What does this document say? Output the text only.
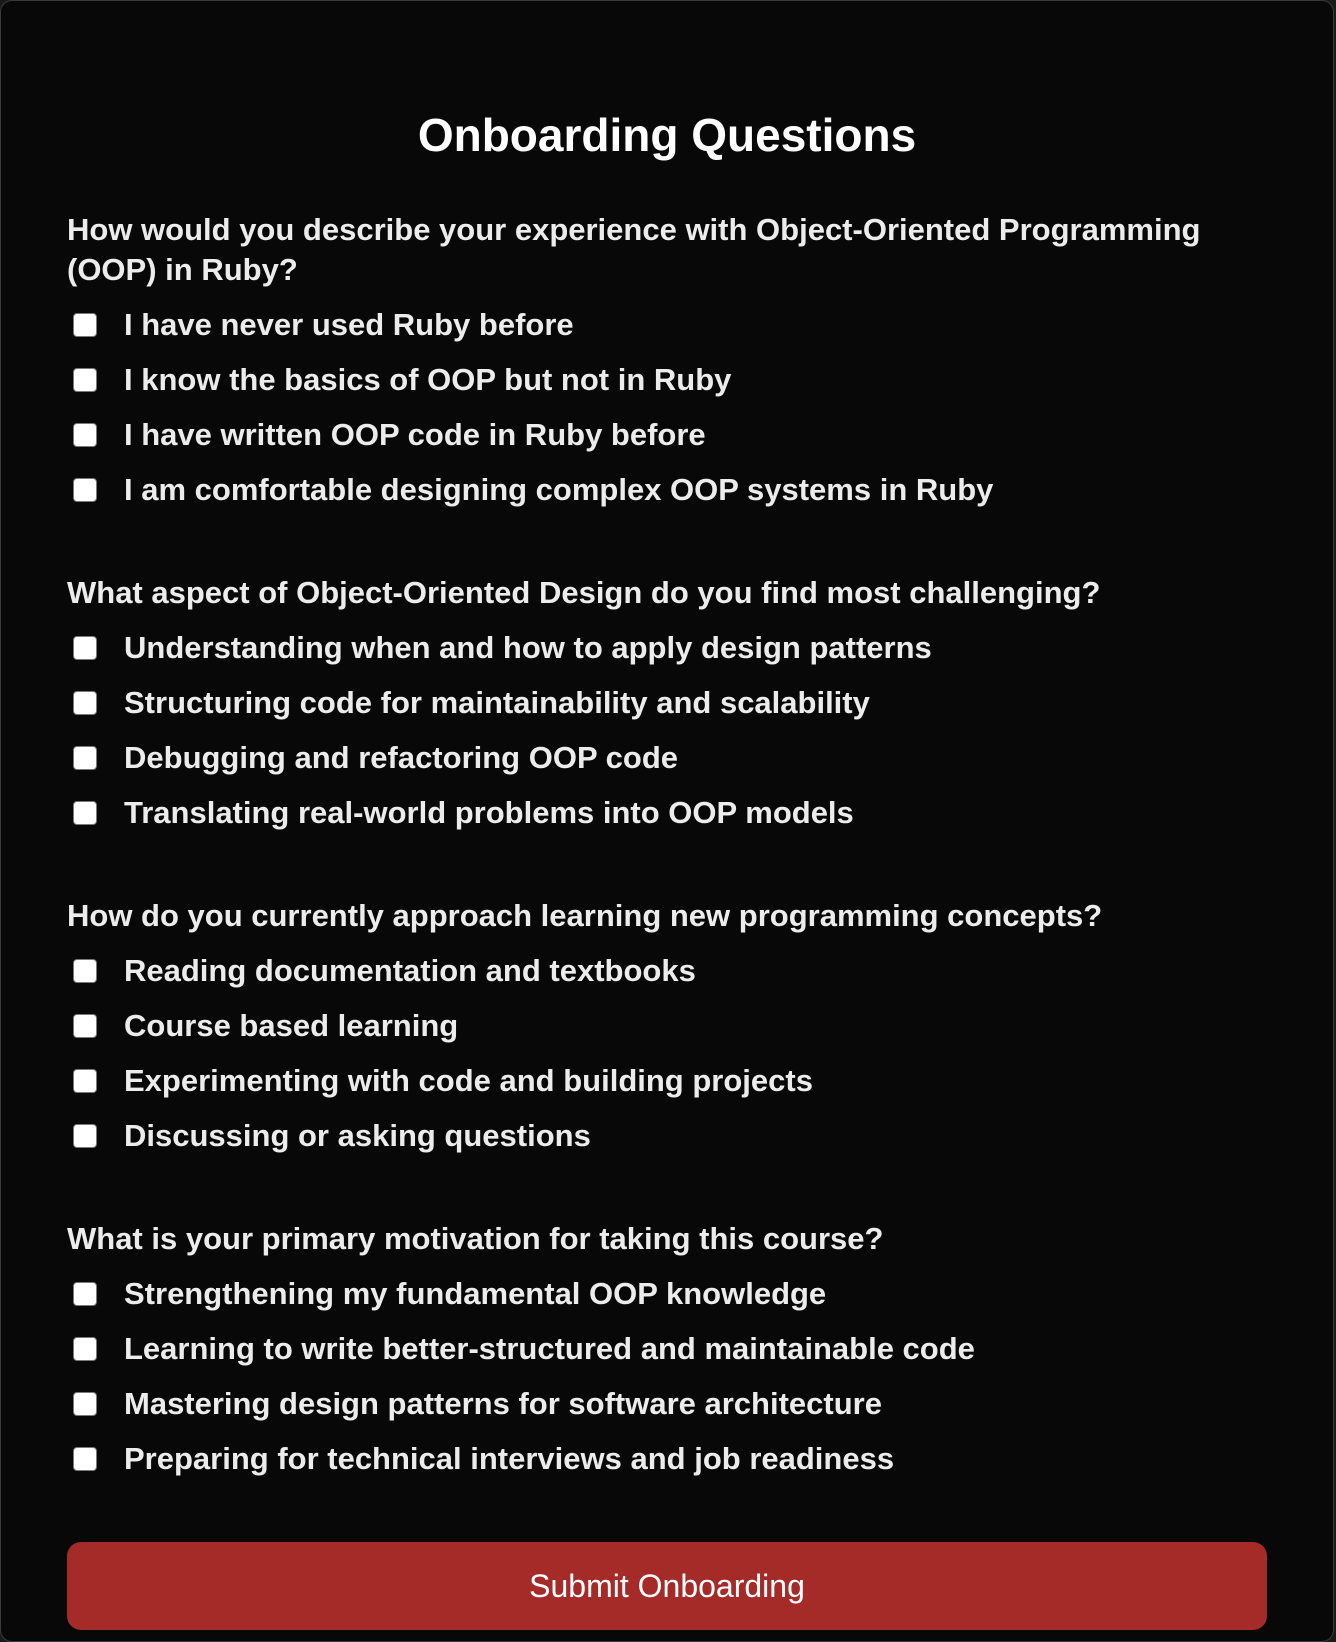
Onboarding Questions

How would you describe your experience with Object-Oriented Programming (OOP) in Ruby?

I have never used Ruby before
I know the basics of OOP but not in Ruby
I have written OOP code in Ruby before
I am comfortable designing complex OOP systems in Ruby

What aspect of Object-Oriented Design do you find most challenging?

Understanding when and how to apply design patterns
Structuring code for maintainability and scalability
Debugging and refactoring OOP code
Translating real-world problems into OOP models

How do you currently approach learning new programming concepts?

Reading documentation and textbooks
Course based learning
Experimenting with code and building projects
Discussing or asking questions

What is your primary motivation for taking this course?

Strengthening my fundamental OOP knowledge
Learning to write better-structured and maintainable code
Mastering design patterns for software architecture
Preparing for technical interviews and job readiness
Submit Onboarding
